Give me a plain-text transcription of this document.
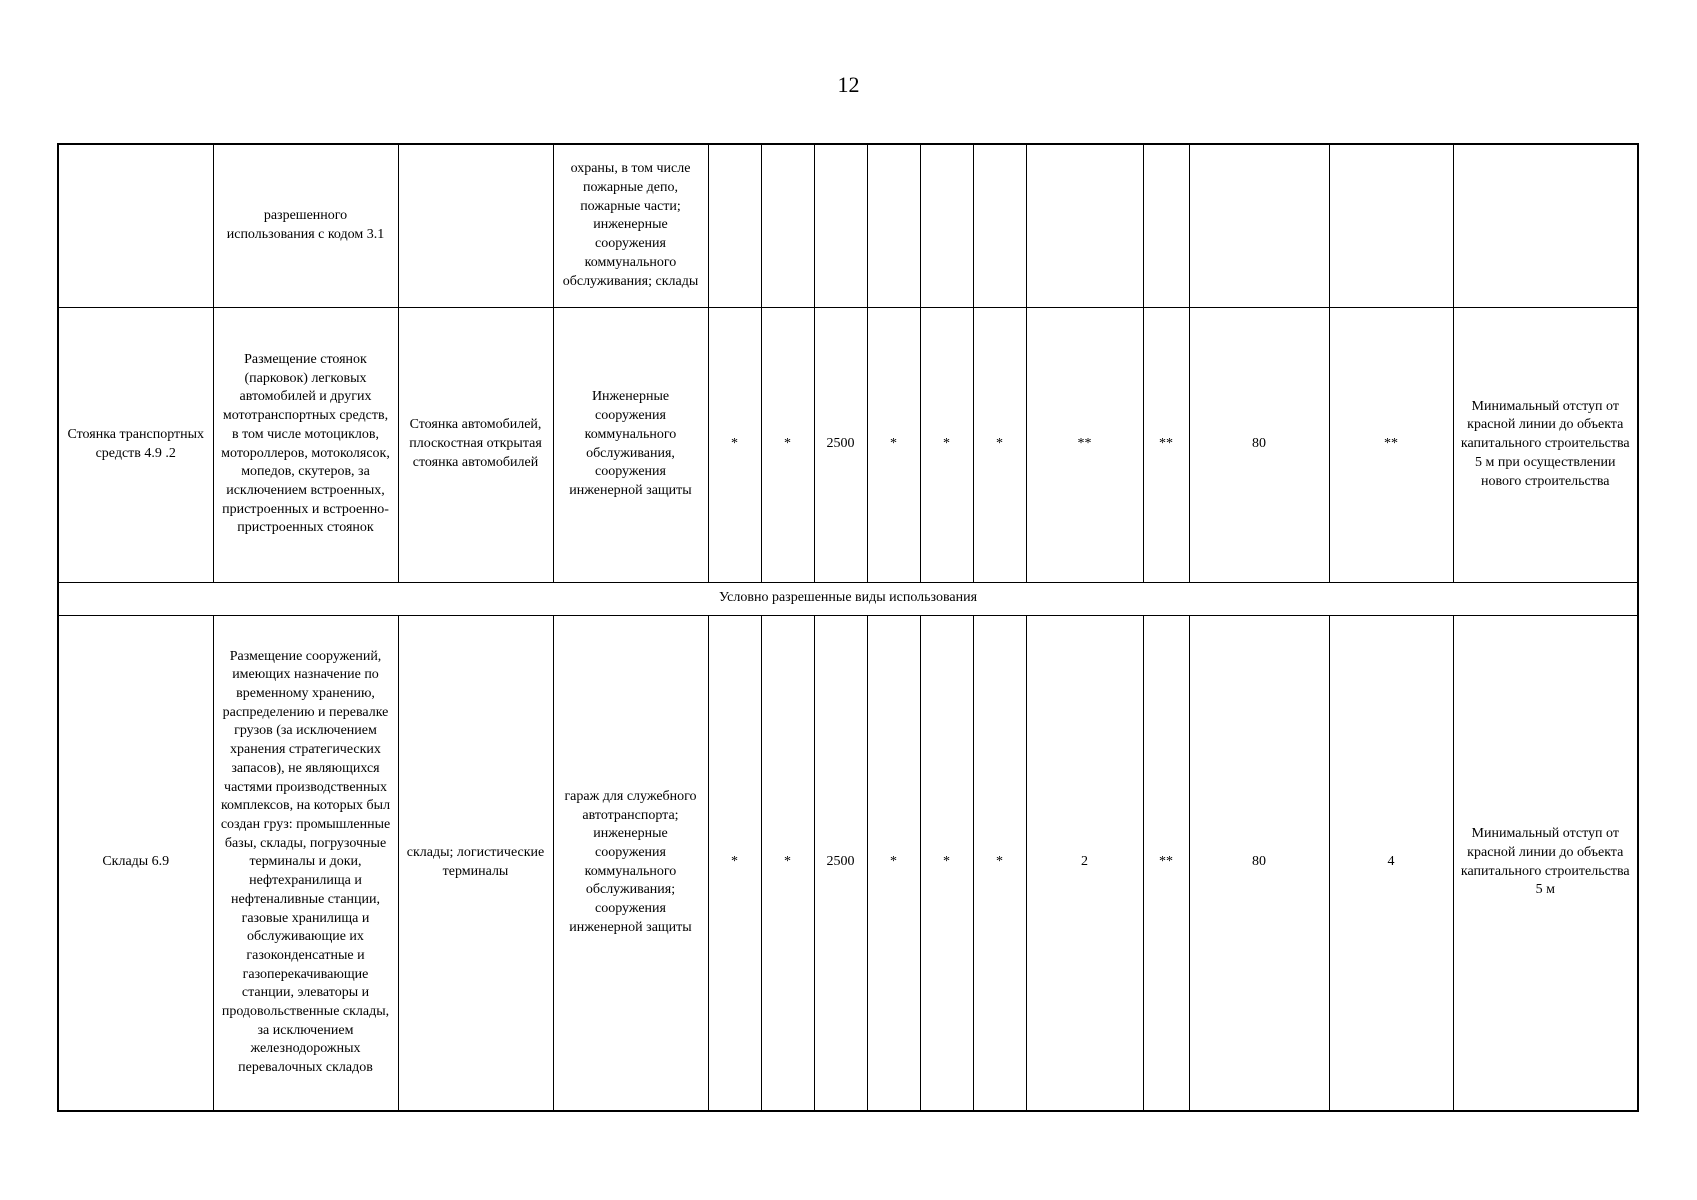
12
	разрешенного использования с кодом 3.1		охраны, в том числе пожарные депо, пожарные части; инженерные сооружения коммунального обслуживания; склады											
Стоянка транспортных средств 4.9 .2	Размещение стоянок (парковок) легковых автомобилей и других мототранспортных средств, в том числе мотоциклов, мотороллеров, мотоколясок, мопедов, скутеров, за исключением встроенных, пристроенных и встроенно-пристроенных стоянок	Стоянка автомобилей, плоскостная открытая стоянка автомобилей	Инженерные сооружения коммунального обслуживания, сооружения инженерной защиты	*	*	2500	*	*	*	**	**	80	**	Минимальный отступ от красной линии до объекта капитального строительства 5 м при осуществлении нового строительства
Условно разрешенные виды использования														
Склады 6.9	Размещение сооружений, имеющих назначение по временному хранению, распределению и перевалке грузов (за исключением хранения стратегических запасов), не являющихся частями производственных комплексов, на которых был создан груз: промышленные базы, склады, погрузочные терминалы и доки, нефтехранилища и нефтеналивные станции, газовые хранилища и обслуживающие их газоконденсатные и газоперекачивающие станции, элеваторы и продовольственные склады, за исключением железнодорожных перевалочных складов	склады; логистические терминалы	гараж для служебного автотранспорта; инженерные сооружения коммунального обслуживания; сооружения инженерной защиты	*	*	2500	*	*	*	2	**	80	4	Минимальный отступ от красной линии до объекта капитального строительства 5 м
